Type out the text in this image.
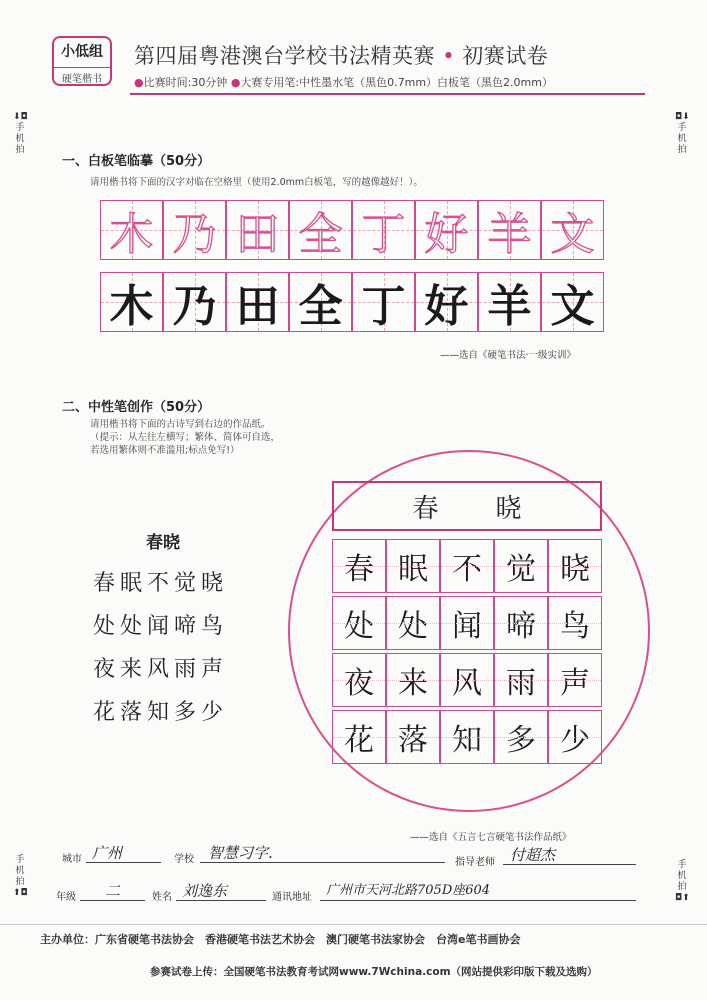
小低组
硬笔楷书
第四届粤港澳台学校书法精英赛 • 初赛试卷
●比赛时间:30分钟 ●大赛专用笔:中性墨水笔（黑色0.7mm）白板笔（黑色2.0mm）
⬇◘
手机拍
◘⬇
手机拍
手机拍
⬆◘
手机拍
◘⬆
一、白板笔临摹（50分）
请用楷书将下面的汉字对临在空格里（使用2.0mm白板笔，写的越像越好！）。
木 乃 田 全 丁 好 羊 文
木 乃 田 全 丁 好 羊 文
——选自《硬笔书法·一级实训》
二、中性笔创作（50分）
请用楷书将下面的古诗写到右边的作品纸。
（提示：从左往左横写；繁体、简体可自选，
若选用繁体则不准滥用;标点免写!）
春晓
春眠不觉晓
处处闻啼鸟
夜来风雨声
花落知多少
春 晓
春 眠 不 觉 晓
处 处 闻 啼 鸟
夜 来 风 雨 声
花 落 知 多 少
——选自《五言七言硬笔书法作品纸》
城市 广州	学校 智慧习字.
指导老师 付超杰
年级 二	姓名 刘逸东	通讯地址 广州市天河北路705D座604
主办单位：广东省硬笔书法协会　香港硬笔书法艺术协会　澳门硬笔书法家协会　台湾e笔书画协会
参赛试卷上传：全国硬笔书法教育考试网www.7Wchina.com（网站提供彩印版下载及选购）
